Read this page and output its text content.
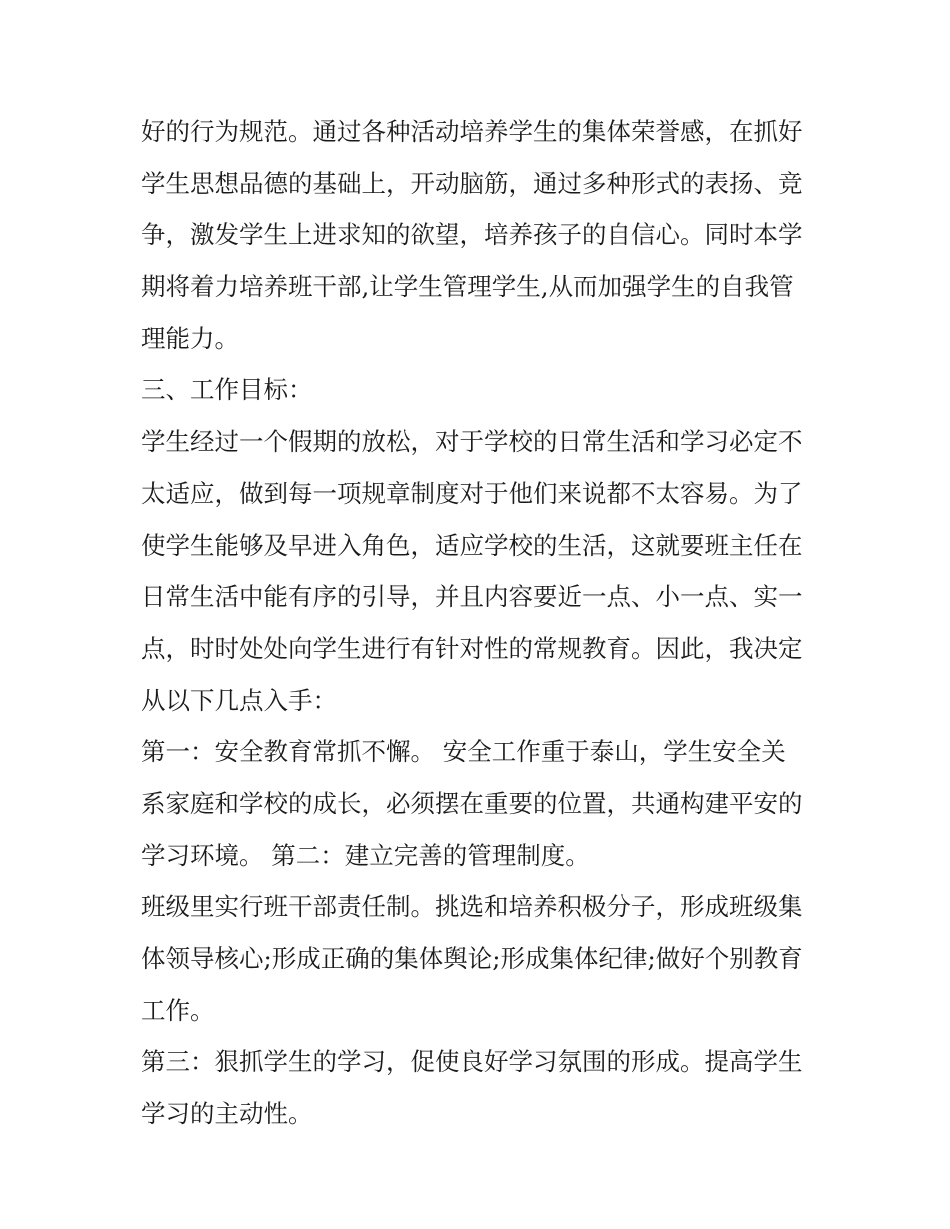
好的行为规范。通过各种活动培养学生的集体荣誉感，在抓好
学生思想品德的基础上，开动脑筋，通过多种形式的表扬、竞
争，激发学生上进求知的欲望，培养孩子的自信心。同时本学
期将着力培养班干部,让学生管理学生,从而加强学生的自我管
理能力。
三、工作目标：
学生经过一个假期的放松，对于学校的日常生活和学习必定不
太适应，做到每一项规章制度对于他们来说都不太容易。为了
使学生能够及早进入角色，适应学校的生活，这就要班主任在
日常生活中能有序的引导，并且内容要近一点、小一点、实一
点，时时处处向学生进行有针对性的常规教育。因此，我决定
从以下几点入手：
第一：安全教育常抓不懈。 安全工作重于泰山，学生安全关
系家庭和学校的成长，必须摆在重要的位置，共通构建平安的
学习环境。 第二：建立完善的管理制度。
班级里实行班干部责任制。挑选和培养积极分子，形成班级集
体领导核心;形成正确的集体舆论;形成集体纪律;做好个别教育
工作。
第三：狠抓学生的学习，促使良好学习氛围的形成。提高学生
学习的主动性。
